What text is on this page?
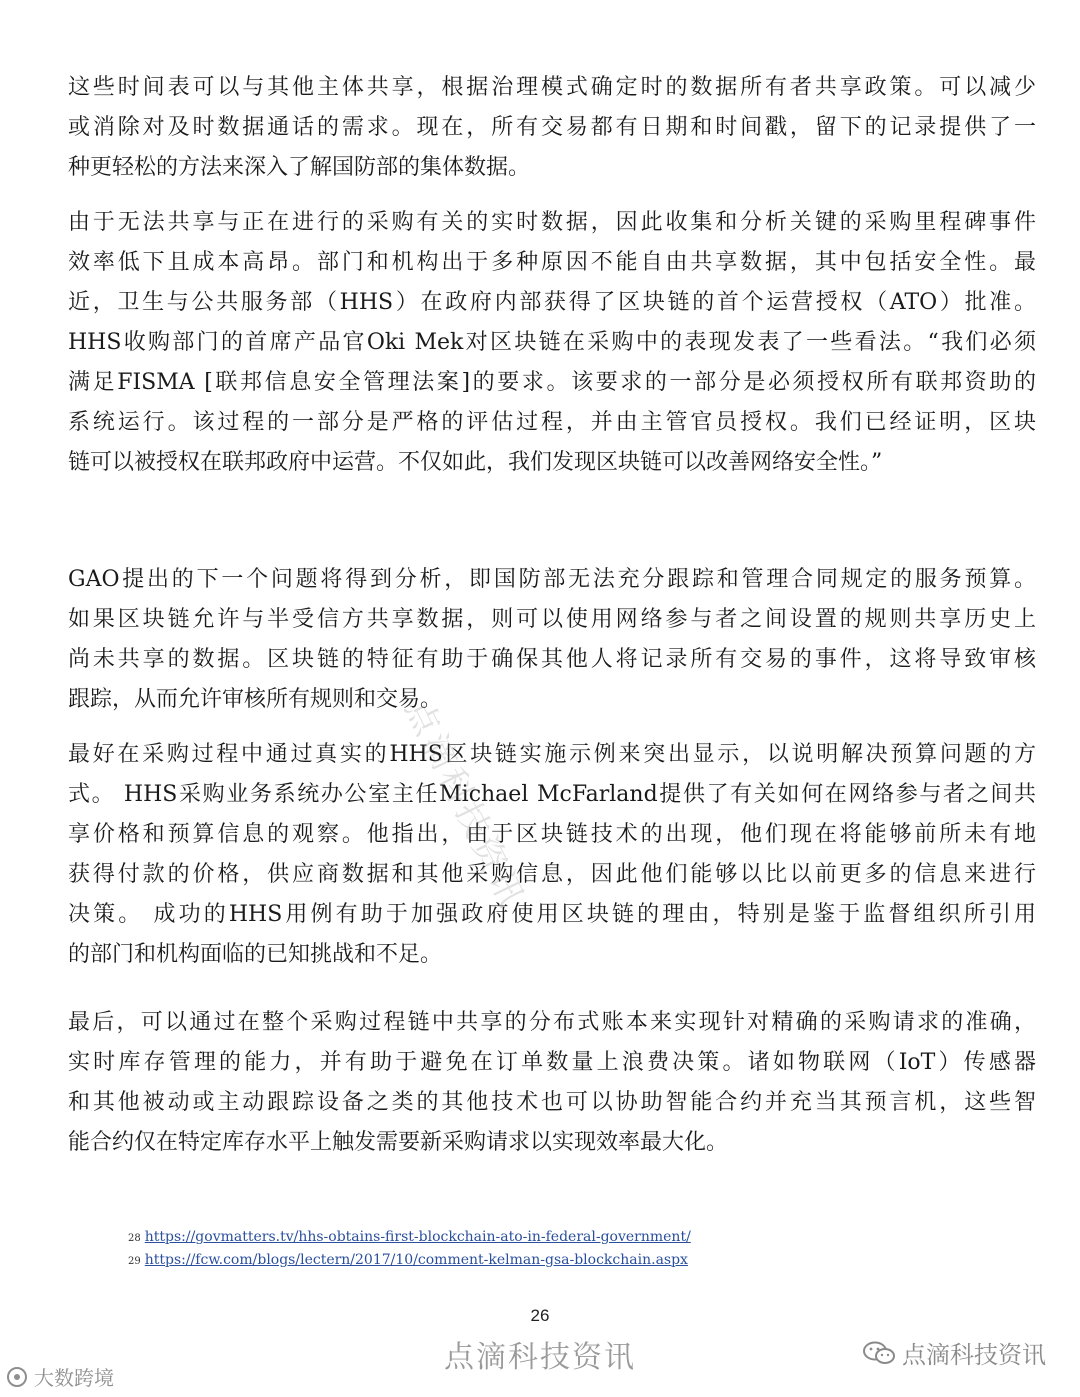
这些时间表可以与其他主体共享，根据治理模式确定时的数据所有者共享政策。可以减少
或消除对及时数据通话的需求。现在，所有交易都有日期和时间戳，留下的记录提供了一
种更轻松的方法来深入了解国防部的集体数据。
由于无法共享与正在进行的采购有关的实时数据，因此收集和分析关键的采购里程碑事件
效率低下且成本高昂。部门和机构出于多种原因不能自由共享数据，其中包括安全性。最
近，卫生与公共服务部（HHS）在政府内部获得了区块链的首个运营授权（ATO）批准。
HHS收购部门的首席产品官Oki Mek对区块链在采购中的表现发表了一些看法。“我们必须
满足FISMA [联邦信息安全管理法案]的要求。该要求的一部分是必须授权所有联邦资助的
系统运行。该过程的一部分是严格的评估过程，并由主管官员授权。我们已经证明，区块
链可以被授权在联邦政府中运营。不仅如此，我们发现区块链可以改善网络安全性。”
GAO提出的下一个问题将得到分析，即国防部无法充分跟踪和管理合同规定的服务预算。
如果区块链允许与半受信方共享数据，则可以使用网络参与者之间设置的规则共享历史上
尚未共享的数据。区块链的特征有助于确保其他人将记录所有交易的事件，这将导致审核
跟踪，从而允许审核所有规则和交易。
最好在采购过程中通过真实的HHS区块链实施示例来突出显示，以说明解决预算问题的方
式。 HHS采购业务系统办公室主任Michael McFarland提供了有关如何在网络参与者之间共
享价格和预算信息的观察。他指出，由于区块链技术的出现，他们现在将能够前所未有地
获得付款的价格，供应商数据和其他采购信息，因此他们能够以比以前更多的信息来进行
决策。 成功的HHS用例有助于加强政府使用区块链的理由，特别是鉴于监督组织所引用
的部门和机构面临的已知挑战和不足。
最后，可以通过在整个采购过程链中共享的分布式账本来实现针对精确的采购请求的准确，
实时库存管理的能力，并有助于避免在订单数量上浪费决策。诸如物联网（IoT）传感器
和其他被动或主动跟踪设备之类的其他技术也可以协助智能合约并充当其预言机，这些智
能合约仅在特定库存水平上触发需要新采购请求以实现效率最大化。
点滴科技资讯
28 https://govmatters.tv/hhs-obtains-first-blockchain-ato-in-federal-government/
29 https://fcw.com/blogs/lectern/2017/10/comment-kelman-gsa-blockchain.aspx
26
点滴科技资讯	点滴科技资讯
大数跨境
